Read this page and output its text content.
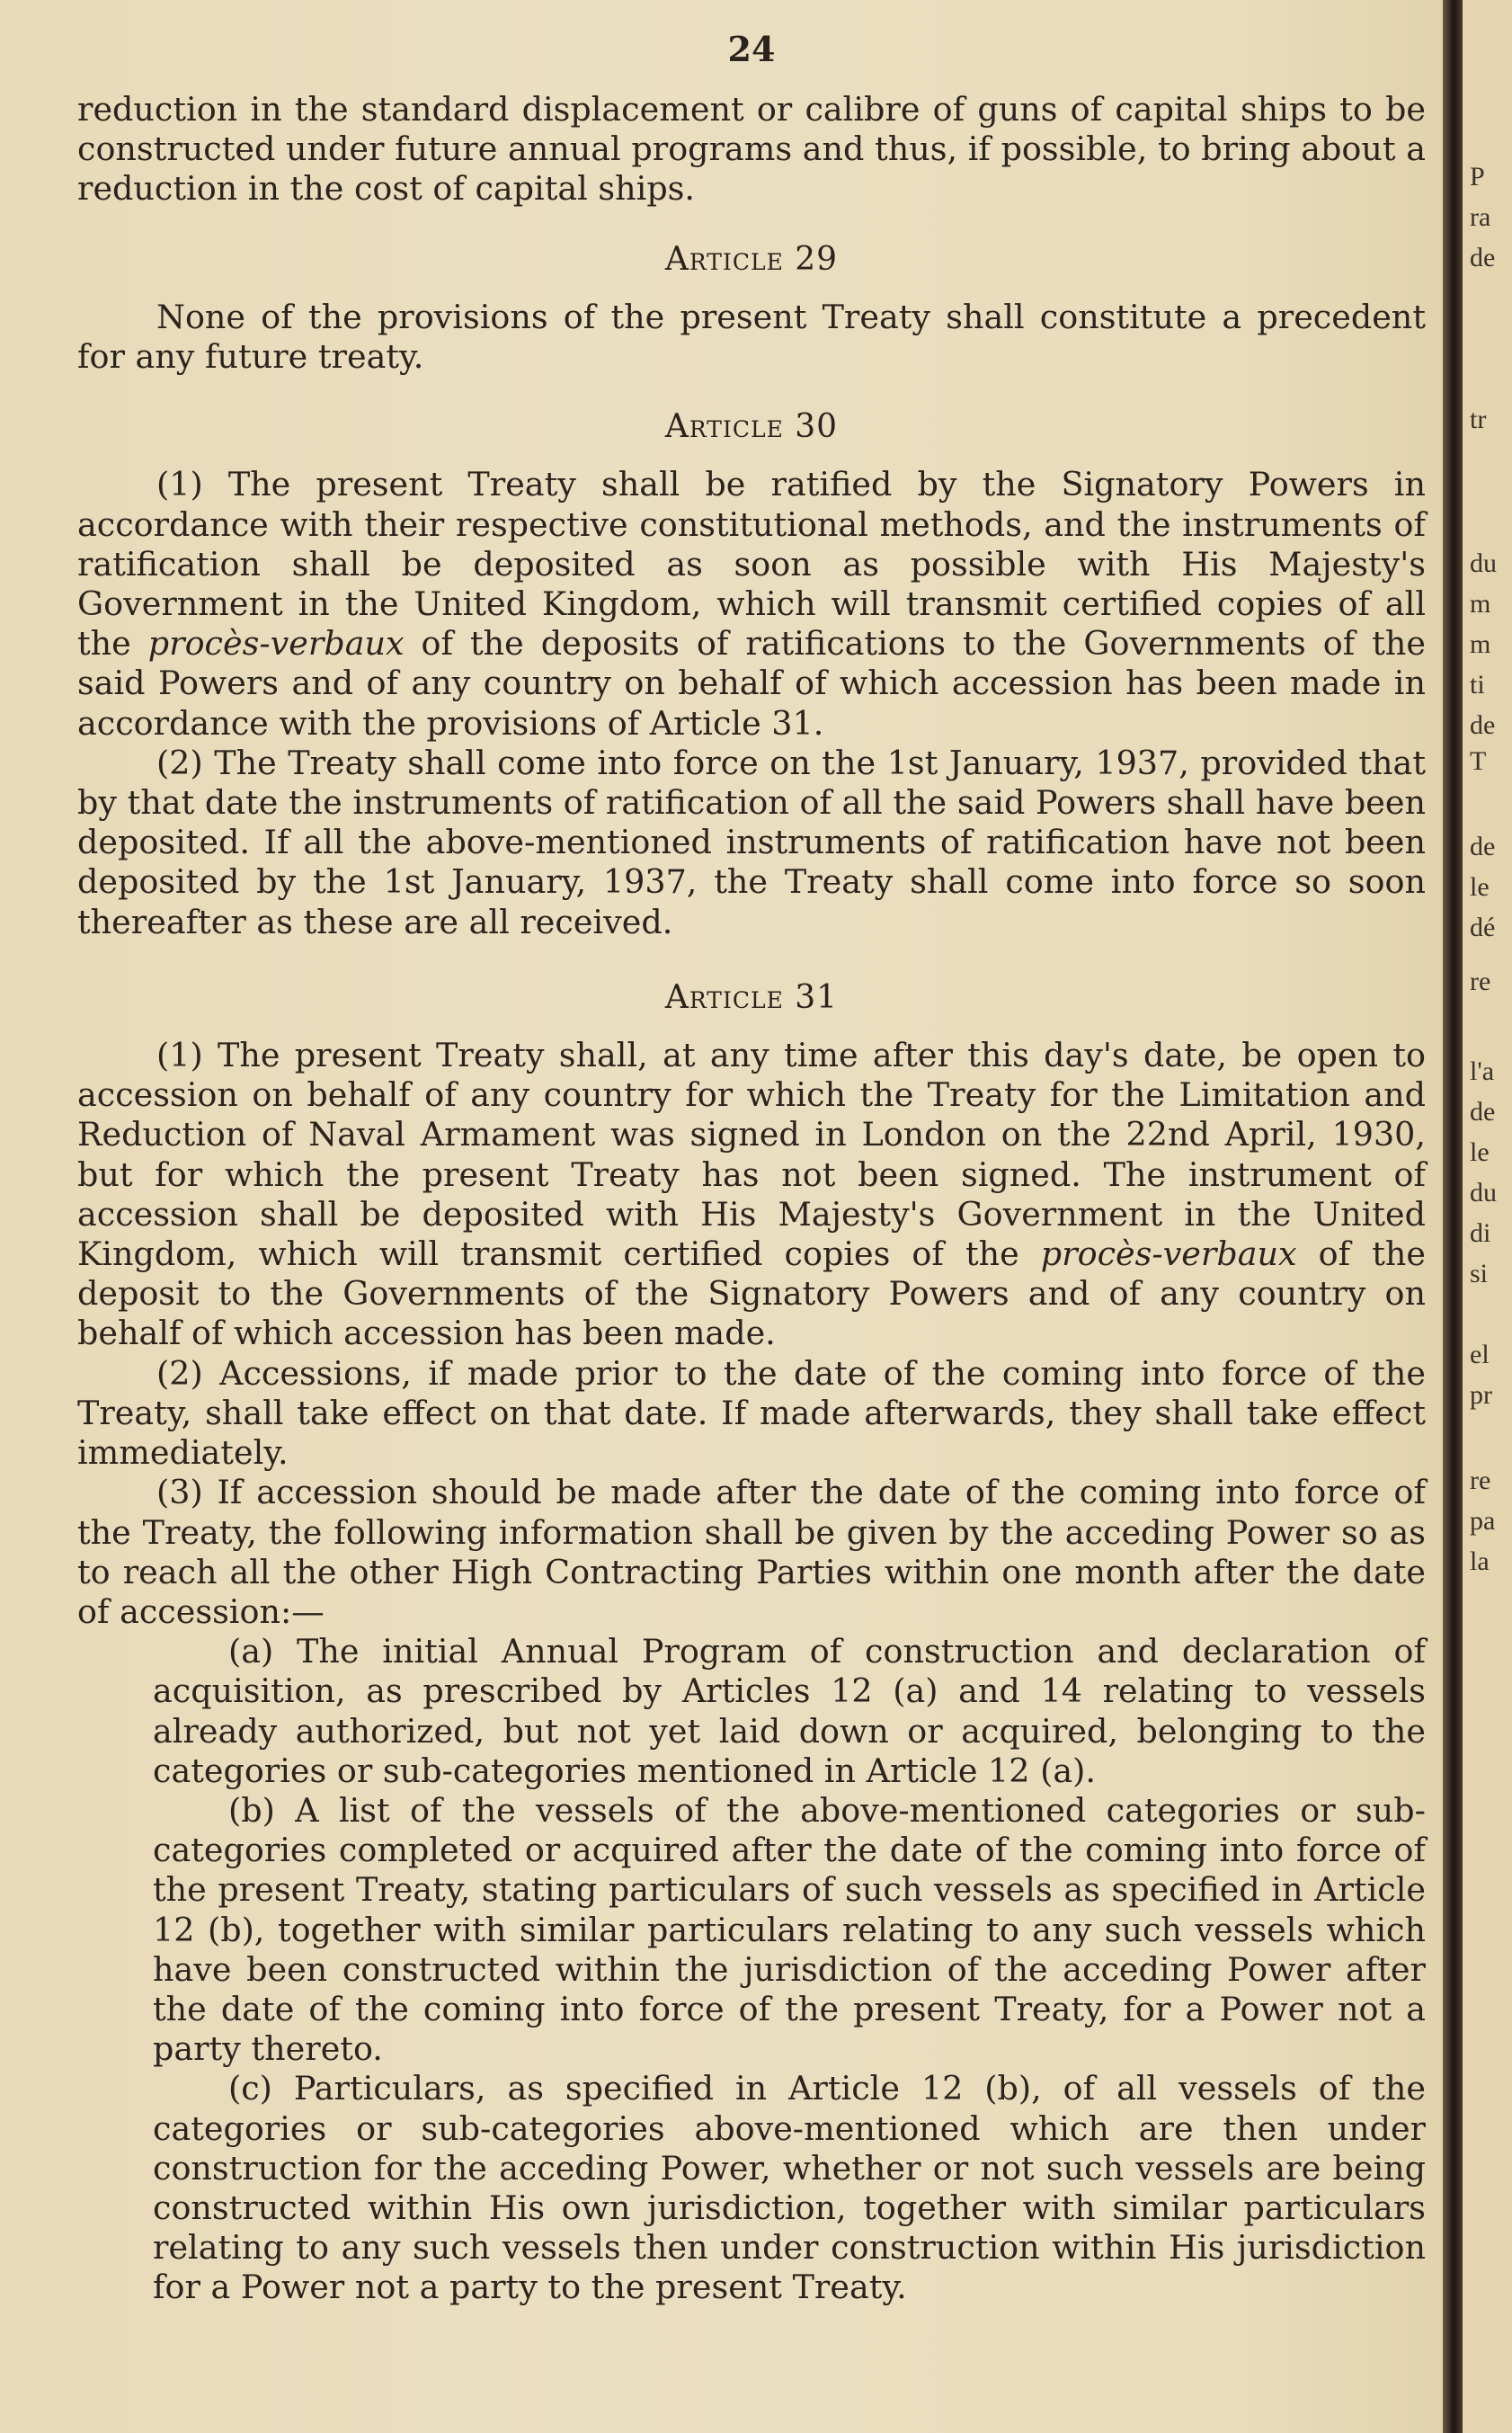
24

reduction in the standard displacement or calibre of guns of capital ships to be constructed under future annual programs and thus, if possible, to bring about a reduction in the cost of capital ships.

Article 29

None of the provisions of the present Treaty shall constitute a precedent for any future treaty.

Article 30

(1) The present Treaty shall be ratified by the Signatory Powers in accordance with their respective constitutional methods, and the instruments of ratification shall be deposited as soon as possible with His Majesty's Government in the United Kingdom, which will transmit certified copies of all the procès-verbaux of the deposits of ratifications to the Governments of the said Powers and of any country on behalf of which accession has been made in accordance with the provisions of Article 31.

(2) The Treaty shall come into force on the 1st January, 1937, provided that by that date the instruments of ratification of all the said Powers shall have been deposited. If all the above-mentioned instruments of ratification have not been deposited by the 1st January, 1937, the Treaty shall come into force so soon thereafter as these are all received.

Article 31

(1) The present Treaty shall, at any time after this day's date, be open to accession on behalf of any country for which the Treaty for the Limitation and Reduction of Naval Armament was signed in London on the 22nd April, 1930, but for which the present Treaty has not been signed. The instrument of accession shall be deposited with His Majesty's Government in the United Kingdom, which will transmit certified copies of the procès-verbaux of the deposit to the Governments of the Signatory Powers and of any country on behalf of which accession has been made.

(2) Accessions, if made prior to the date of the coming into force of the Treaty, shall take effect on that date. If made afterwards, they shall take effect immediately.

(3) If accession should be made after the date of the coming into force of the Treaty, the following information shall be given by the acceding Power so as to reach all the other High Contracting Parties within one month after the date of accession:—

(a) The initial Annual Program of construction and declaration of acquisition, as prescribed by Articles 12 (a) and 14 relating to vessels already authorized, but not yet laid down or acquired, belonging to the categories or sub-categories mentioned in Article 12 (a).

(b) A list of the vessels of the above-mentioned categories or sub-categories completed or acquired after the date of the coming into force of the present Treaty, stating particulars of such vessels as specified in Article 12 (b), together with similar particulars relating to any such vessels which have been constructed within the jurisdiction of the acceding Power after the date of the coming into force of the present Treaty, for a Power not a party thereto.

(c) Particulars, as specified in Article 12 (b), of all vessels of the categories or sub-categories above-mentioned which are then under construction for the acceding Power, whether or not such vessels are being constructed within His own jurisdiction, together with similar particulars relating to any such vessels then under construction within His jurisdiction for a Power not a party to the present Treaty.

P
ra
de
tr
du
m
m
ti
de
T
de
le
dé
re
l'a
de
le
du
di
si
el
pr
re
pa
la
